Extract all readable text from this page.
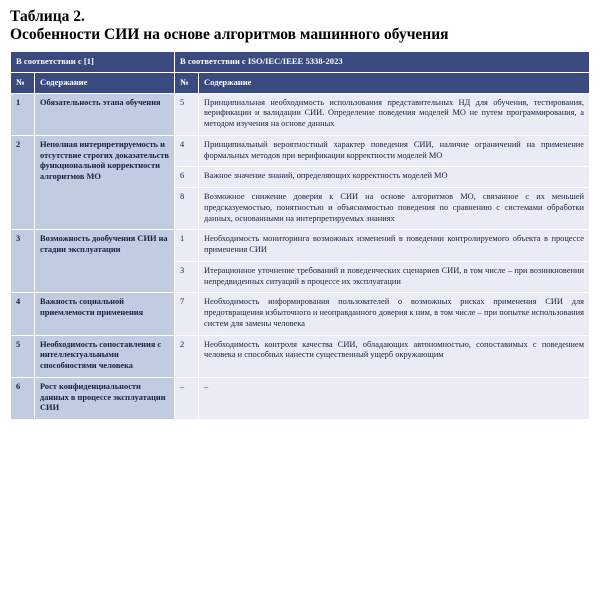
Таблица 2.
Особенности СИИ на основе алгоритмов машинного обучения
В соответствии с [1]		В соответствии с ISO/IEC/IEEE 5338-2023	
№	Содержание	№	Содержание
1	Обязательность этапа обучения	5	Принципиальная необходимость использования представительных НД для обучения, тестирования, верификации и валидации СИИ. Определение поведения моделей МО не путем программирования, а методом изучения на основе данных
2	Неполная интерпретируемость и отсутствие строгих доказательств функциональной корректности алгоритмов МО	4	Принципиальный вероятностный характер поведения СИИ, наличие ограничений на применение формальных методов при верификации корректности моделей МО
		6	Важное значение знаний, определяющих корректность моделей МО
		8	Возможное снижение доверия к СИИ на основе алгоритмов МО, связанное с их меньшей предсказуемостью, понятностью и объяснимостью поведения по сравнению с системами обработки данных, основанными на интерпретируемых знаниях
3	Возможность дообучения СИИ на стадии эксплуатации	1	Необходимость мониторинга возможных изменений в поведении контролируемого объекта в процессе применения СИИ
		3	Итерационное уточнение требований и поведенческих сценариев СИИ, в том числе – при возникновении непредвиденных ситуаций в процессе их эксплуатации
4	Важность социальной приемлемости применения	7	Необходимость информирования пользователей о возможных рисках применения СИИ для предотвращения избыточного и неоправданного доверия к ним, в том числе – при попытке использования систем для замены человека
5	Необходимость сопоставления с интеллектуальными способностями человека	2	Необходимость контроля качества СИИ, обладающих автономностью, сопоставимых с поведением человека и способных нанести существенный ущерб окружающим
6	Рост конфиденциальности данных в процессе эксплуатации СИИ	–	–
